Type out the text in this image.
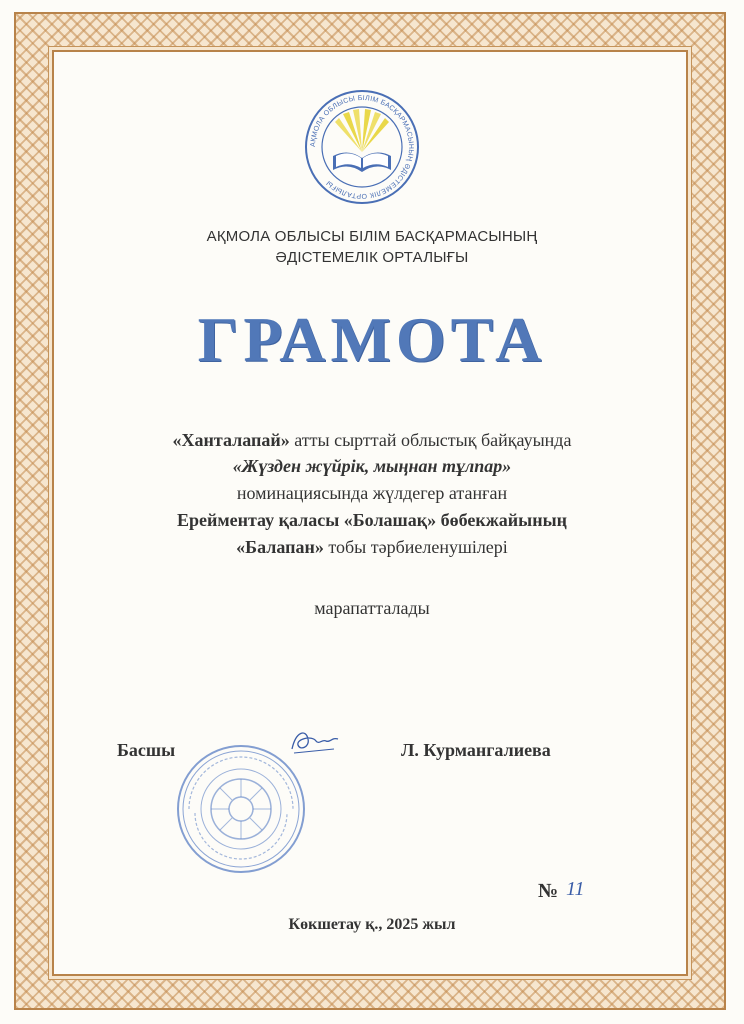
АҚМОЛА ОБЛЫСЫ БІЛІМ БАСҚАРМАСЫНЫҢ ӘДІСТЕМЕЛІК ОРТАЛЫҒЫ
АҚМОЛА ОБЛЫСЫ БІЛІМ БАСҚАРМАСЫНЫҢ
ӘДІСТЕМЕЛІК ОРТАЛЫҒЫ
ГРАМОТА
«Ханталапай» атты сырттай облыстық байқауында
«Жүзден жүйрік, мыңнан тұлпар»
номинациясында жүлдегер атанған
Ерейментау қаласы «Болашақ» бөбекжайының
«Балапан» тобы тәрбиеленушілері
марапатталады
Басшы	Л. Курмангалиева
№ 11
Көкшетау қ., 2025 жыл
